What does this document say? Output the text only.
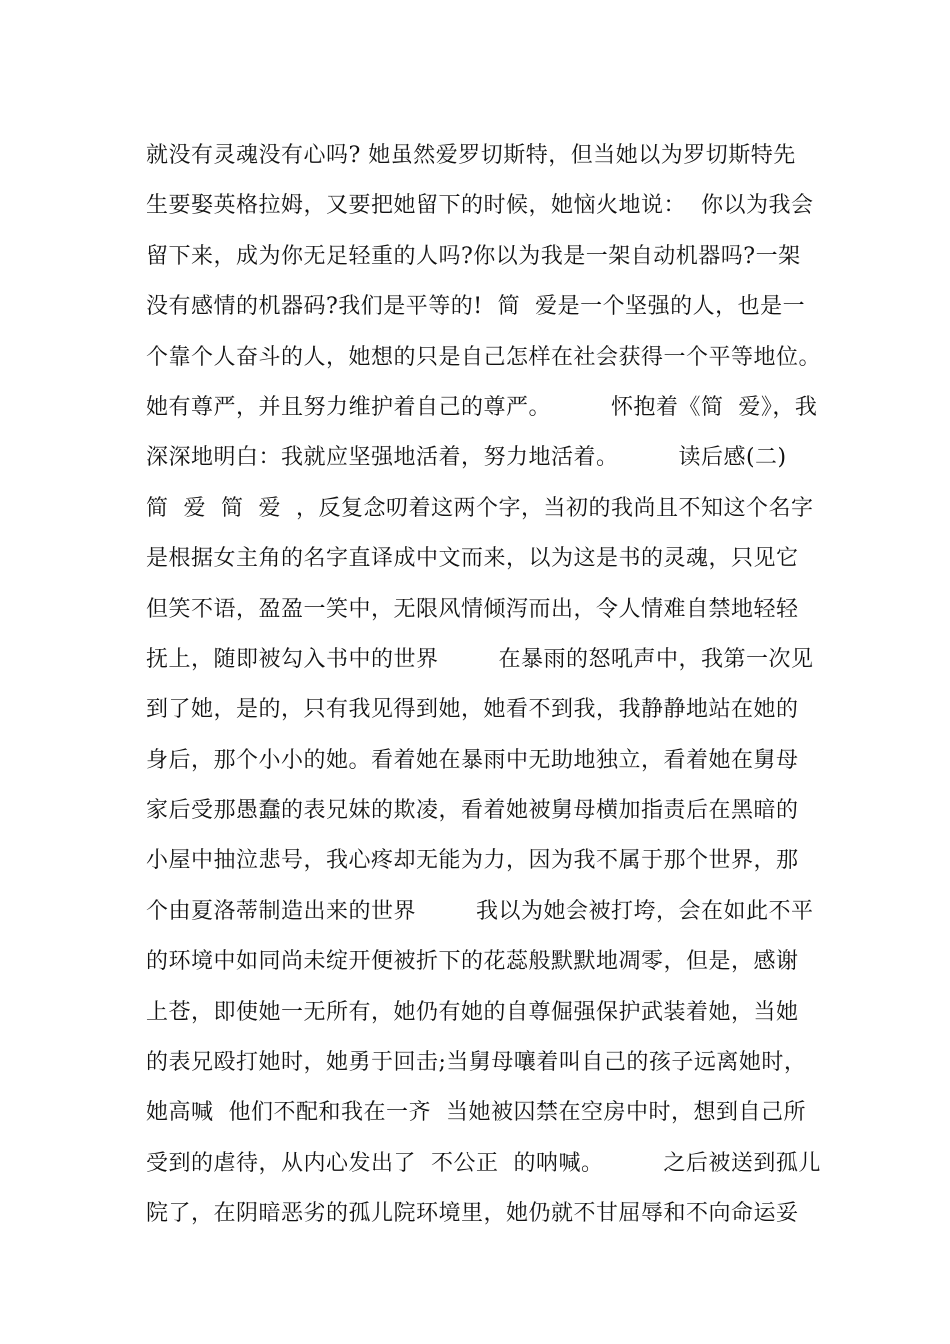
就没有灵魂没有心吗? 她虽然爱罗切斯特，但当她以为罗切斯特先
生要娶英格拉姆，又要把她留下的时候，她恼火地说：  你以为我会
留下来，成为你无足轻重的人吗?你以为我是一架自动机器吗?一架
没有感情的机器码?我们是平等的!  简  爱是一个坚强的人，也是一
个靠个人奋斗的人，她想的只是自己怎样在社会获得一个平等地位。
她有尊严，并且努力维护着自己的尊严。        怀抱着《简  爱》，我
深深地明白：我就应坚强地活着，努力地活着。        读后感(二)
简  爱  简  爱  ，反复念叨着这两个字，当初的我尚且不知这个名字
是根据女主角的名字直译成中文而来，以为这是书的灵魂，只见它
但笑不语，盈盈一笑中，无限风情倾泻而出，令人情难自禁地轻轻
抚上，随即被勾入书中的世界        在暴雨的怒吼声中，我第一次见
到了她，是的，只有我见得到她，她看不到我，我静静地站在她的
身后，那个小小的她。看着她在暴雨中无助地独立，看着她在舅母
家后受那愚蠢的表兄妹的欺凌，看着她被舅母横加指责后在黑暗的
小屋中抽泣悲号，我心疼却无能为力，因为我不属于那个世界，那
个由夏洛蒂制造出来的世界        我以为她会被打垮，会在如此不平
的环境中如同尚未绽开便被折下的花蕊般默默地凋零，但是，感谢
上苍，即使她一无所有，她仍有她的自尊倔强保护武装着她，当她
的表兄殴打她时，她勇于回击;当舅母嚷着叫自己的孩子远离她时，
她高喊  他们不配和我在一齐  当她被囚禁在空房中时，想到自己所
受到的虐待，从内心发出了  不公正  的呐喊。        之后被送到孤儿
院了，在阴暗恶劣的孤儿院环境里，她仍就不甘屈辱和不向命运妥
